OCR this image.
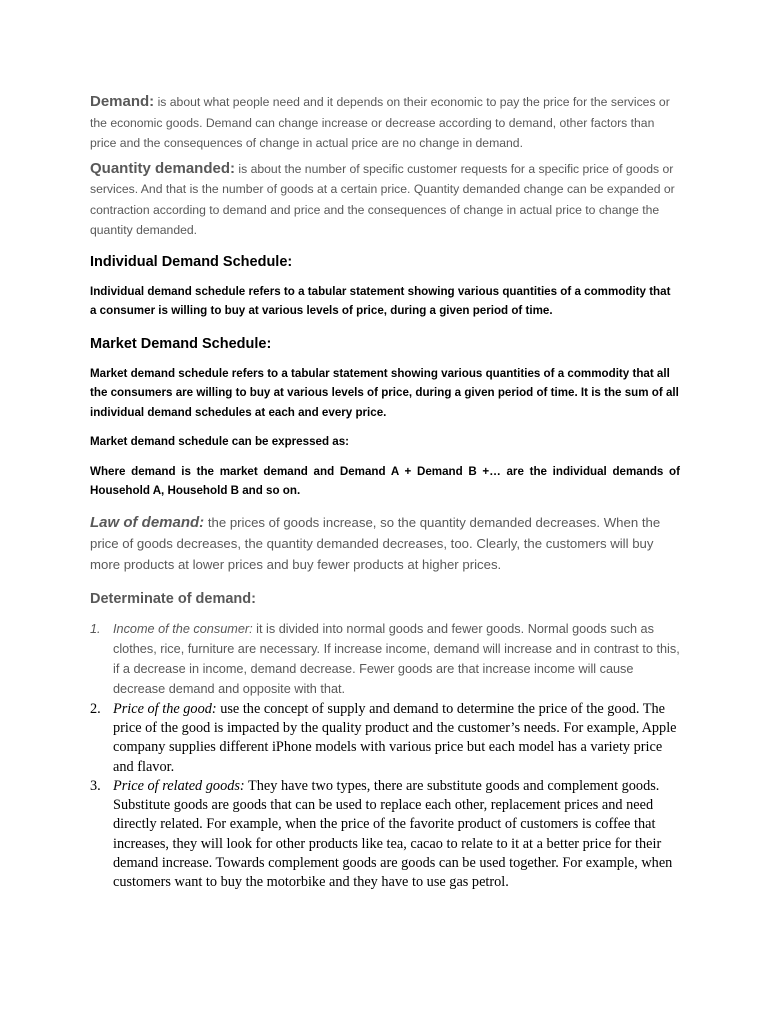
Demand: is about what people need and it depends on their economic to pay the price for the services or the economic goods. Demand can change increase or decrease according to demand, other factors than price and the consequences of change in actual price are no change in demand.

Quantity demanded: is about the number of specific customer requests for a specific price of goods or services. And that is the number of goods at a certain price. Quantity demanded change can be expanded or contraction according to demand and price and the consequences of change in actual price to change the quantity demanded.

Individual Demand Schedule:

Individual demand schedule refers to a tabular statement showing various quantities of a commodity that a consumer is willing to buy at various levels of price, during a given period of time.

Market Demand Schedule:

Market demand schedule refers to a tabular statement showing various quantities of a commodity that all the consumers are willing to buy at various levels of price, during a given period of time. It is the sum of all individual demand schedules at each and every price.

Market demand schedule can be expressed as:

Where demand is the market demand and Demand A + Demand B +… are the individual demands of Household A, Household B and so on.

Law of demand: the prices of goods increase, so the quantity demanded decreases. When the price of goods decreases, the quantity demanded decreases, too. Clearly, the customers will buy more products at lower prices and buy fewer products at higher prices.

Determinate of demand:
1. Income of the consumer: it is divided into normal goods and fewer goods. Normal goods such as clothes, rice, furniture are necessary. If increase income, demand will increase and in contrast to this, if a decrease in income, demand decrease. Fewer goods are that increase income will cause decrease demand and opposite with that.
2. Price of the good: use the concept of supply and demand to determine the price of the good. The price of the good is impacted by the quality product and the customer’s needs. For example, Apple company supplies different iPhone models with various price but each model has a variety price and flavor.
3. Price of related goods: They have two types, there are substitute goods and complement goods. Substitute goods are goods that can be used to replace each other, replacement prices and need directly related. For example, when the price of the favorite product of customers is coffee that increases, they will look for other products like tea, cacao to relate to it at a better price for their demand increase. Towards complement goods are goods can be used together. For example, when customers want to buy the motorbike and they have to use gas petrol.
